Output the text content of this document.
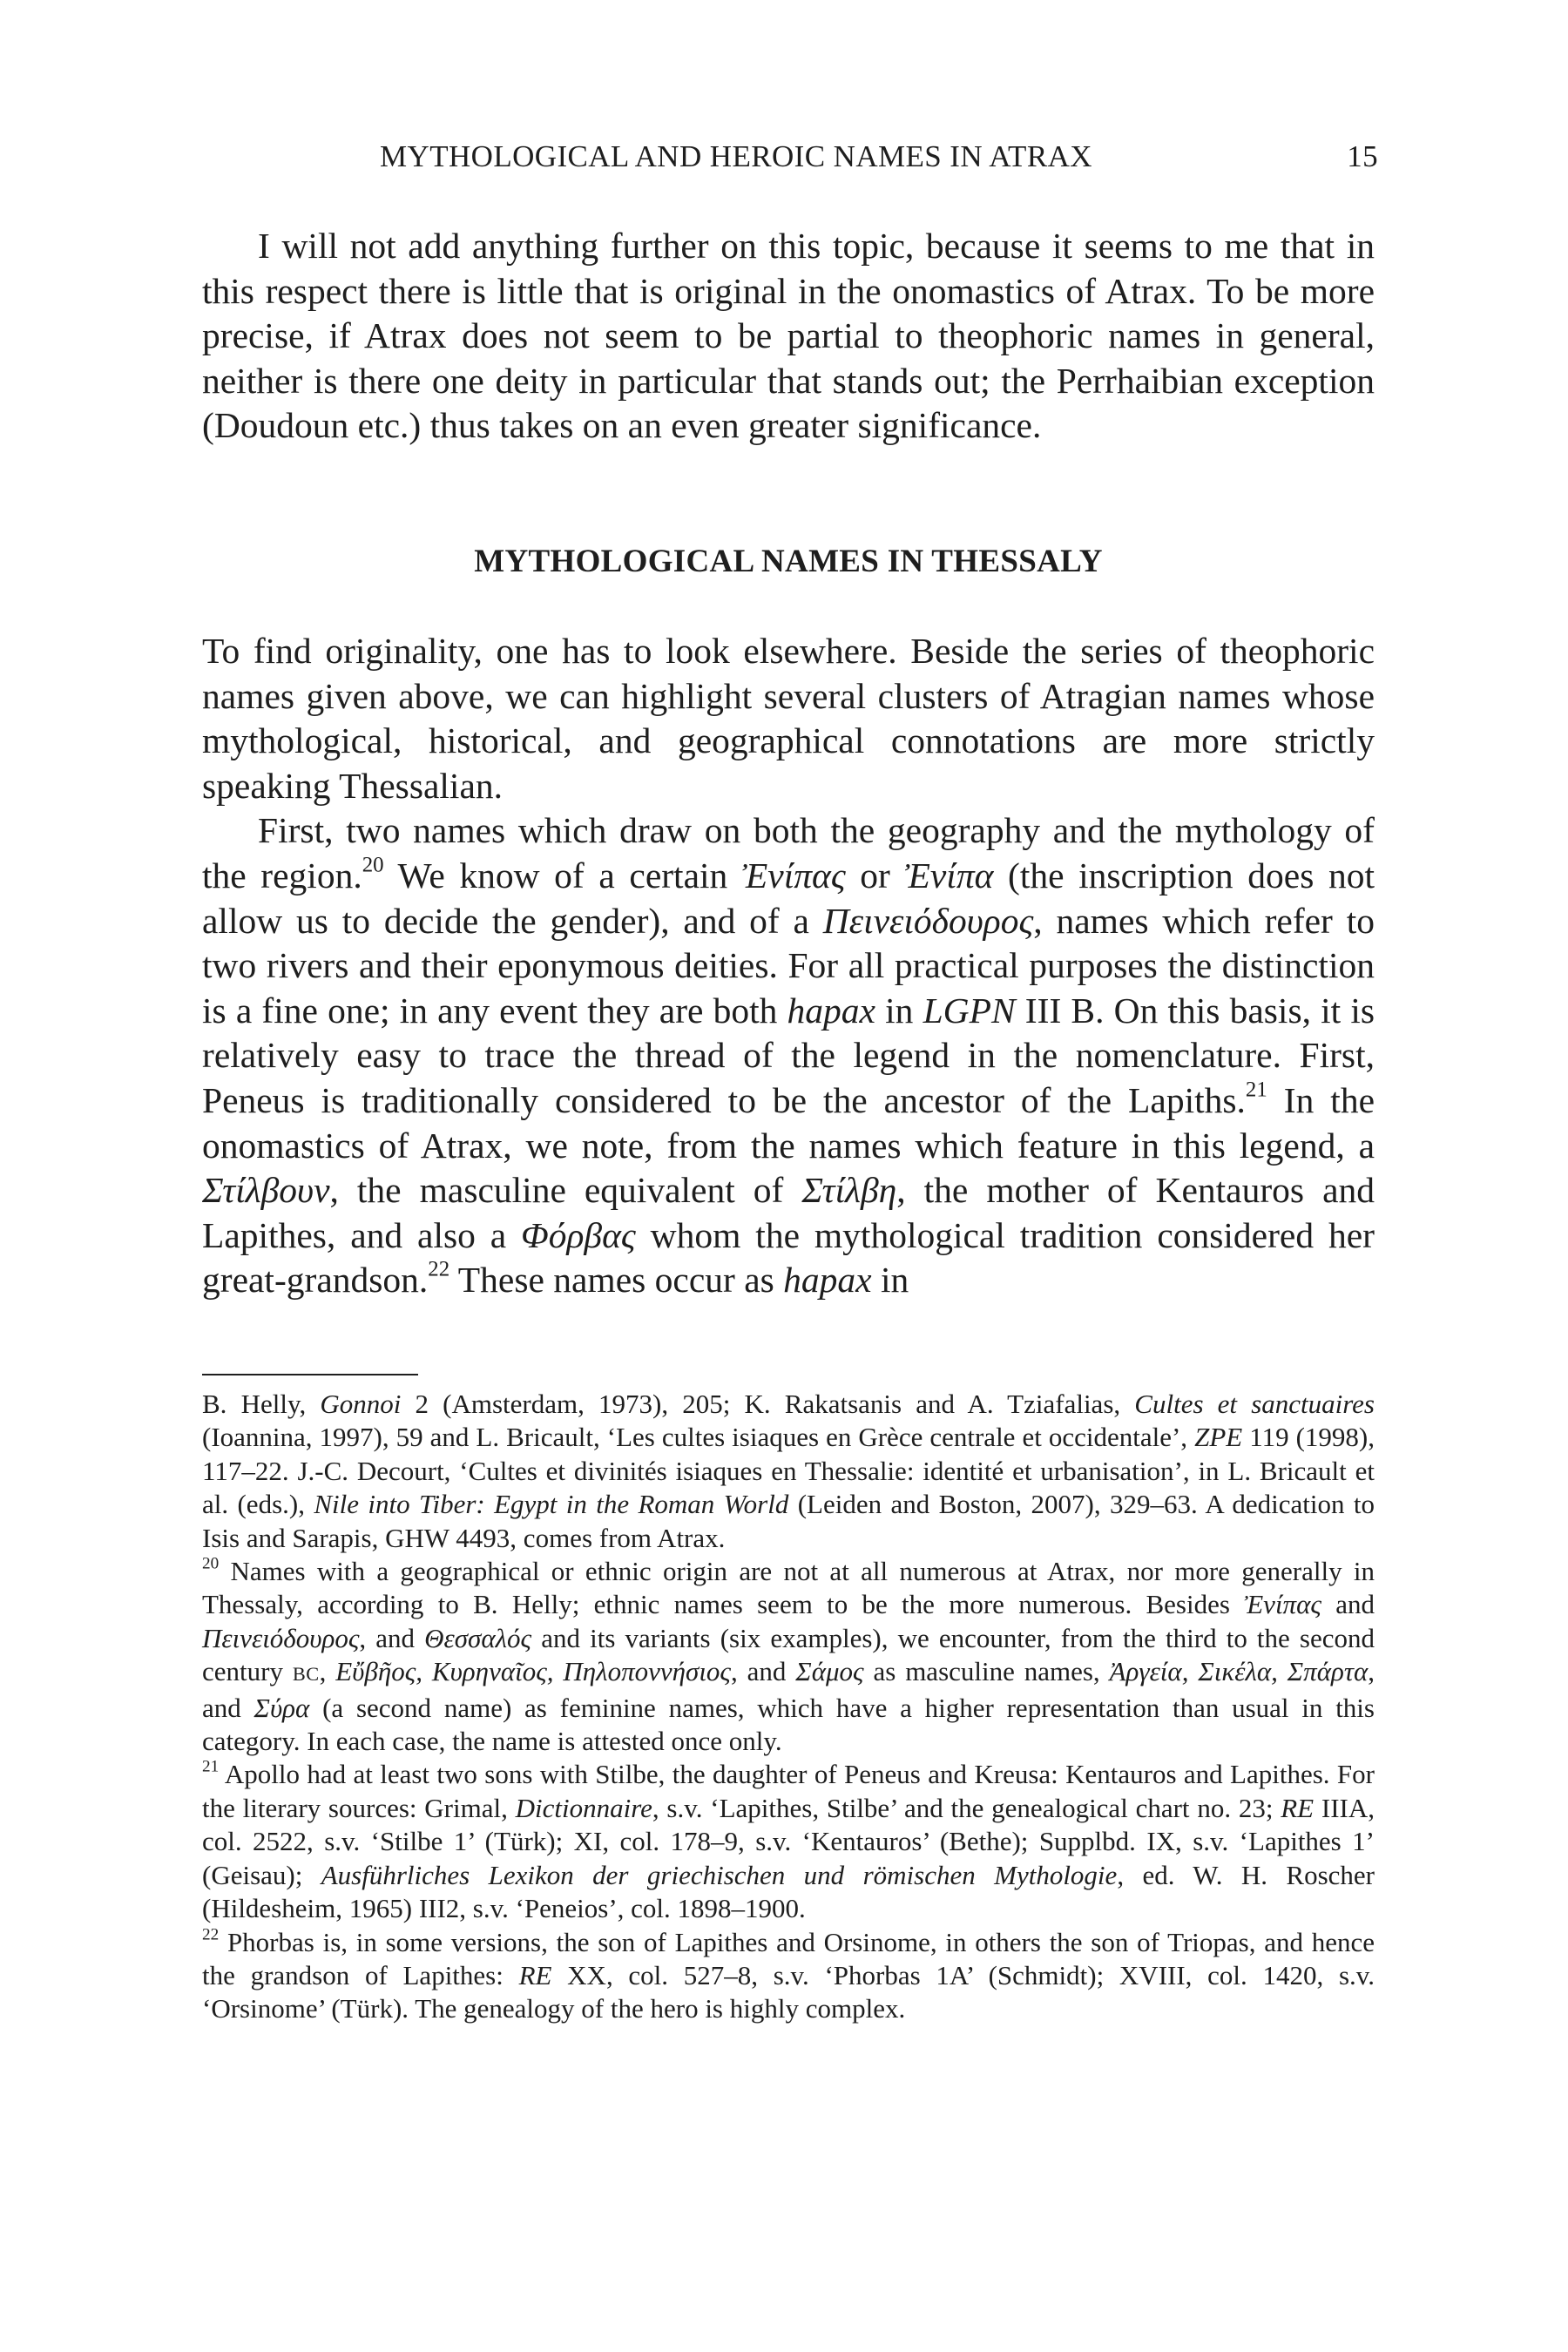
MYTHOLOGICAL AND HEROIC NAMES IN ATRAX	15

I will not add anything further on this topic, because it seems to me that in this respect there is little that is original in the onomastics of Atrax. To be more precise, if Atrax does not seem to be partial to theophoric names in general, neither is there one deity in particular that stands out; the Perrhaibian exception (Doudoun etc.) thus takes on an even greater significance.

MYTHOLOGICAL NAMES IN THESSALY

To find originality, one has to look elsewhere. Beside the series of theophoric names given above, we can highlight several clusters of Atragian names whose mythological, historical, and geographical connotations are more strictly speaking Thessalian.

First, two names which draw on both the geography and the mythology of the region.$^{20}$ We know of a certain Ἐνίπας or Ἐνίπα (the inscription does not allow us to decide the gender), and of a Πεινειόδουρος, names which refer to two rivers and their eponymous deities. For all practical purposes the distinction is a fine one; in any event they are both hapax in LGPN III B. On this basis, it is relatively easy to trace the thread of the legend in the nomenclature. First, Peneus is traditionally considered to be the ancestor of the Lapiths.$^{21}$ In the onomastics of Atrax, we note, from the names which feature in this legend, a Στίλβουν, the masculine equivalent of Στίλβη, the mother of Kentauros and Lapithes, and also a Φόρβας whom the mythological tradition considered her great-grandson.$^{22}$ These names occur as hapax in

B. Helly, Gonnoi 2 (Amsterdam, 1973), 205; K. Rakatsanis and A. Tziafalias, Cultes et sanctuaires (Ioannina, 1997), 59 and L. Bricault, ‘Les cultes isiaques en Grèce centrale et occidentale’, ZPE 119 (1998), 117–22. J.-C. Decourt, ‘Cultes et divinités isiaques en Thessalie: identité et urbanisation’, in L. Bricault et al. (eds.), Nile into Tiber: Egypt in the Roman World (Leiden and Boston, 2007), 329–63. A dedication to Isis and Sarapis, GHW 4493, comes from Atrax.

$^{20}$ Names with a geographical or ethnic origin are not at all numerous at Atrax, nor more generally in Thessaly, according to B. Helly; ethnic names seem to be the more numerous. Besides Ἐνίπας and Πεινειόδουρος, and Θεσσαλός and its variants (six examples), we encounter, from the third to the second century BC, Εὔβῆος, Κυρηναῖος, Πηλοποννήσιος, and Σάμος as masculine names, Ἀργεία, Σικέλα, Σπάρτα, and Σύρα (a second name) as feminine names, which have a higher representation than usual in this category. In each case, the name is attested once only.

$^{21}$ Apollo had at least two sons with Stilbe, the daughter of Peneus and Kreusa: Kentauros and Lapithes. For the literary sources: Grimal, Dictionnaire, s.v. ‘Lapithes, Stilbe’ and the genealogical chart no. 23; RE IIIA, col. 2522, s.v. ‘Stilbe 1’ (Türk); XI, col. 178–9, s.v. ‘Kentauros’ (Bethe); Supplbd. IX, s.v. ‘Lapithes 1’ (Geisau); Ausführliches Lexikon der griechischen und römischen Mythologie, ed. W. H. Roscher (Hildesheim, 1965) III2, s.v. ‘Peneios’, col. 1898–1900.

$^{22}$ Phorbas is, in some versions, the son of Lapithes and Orsinome, in others the son of Triopas, and hence the grandson of Lapithes: RE XX, col. 527–8, s.v. ‘Phorbas 1A’ (Schmidt); XVIII, col. 1420, s.v. ‘Orsinome’ (Türk). The genealogy of the hero is highly complex.
